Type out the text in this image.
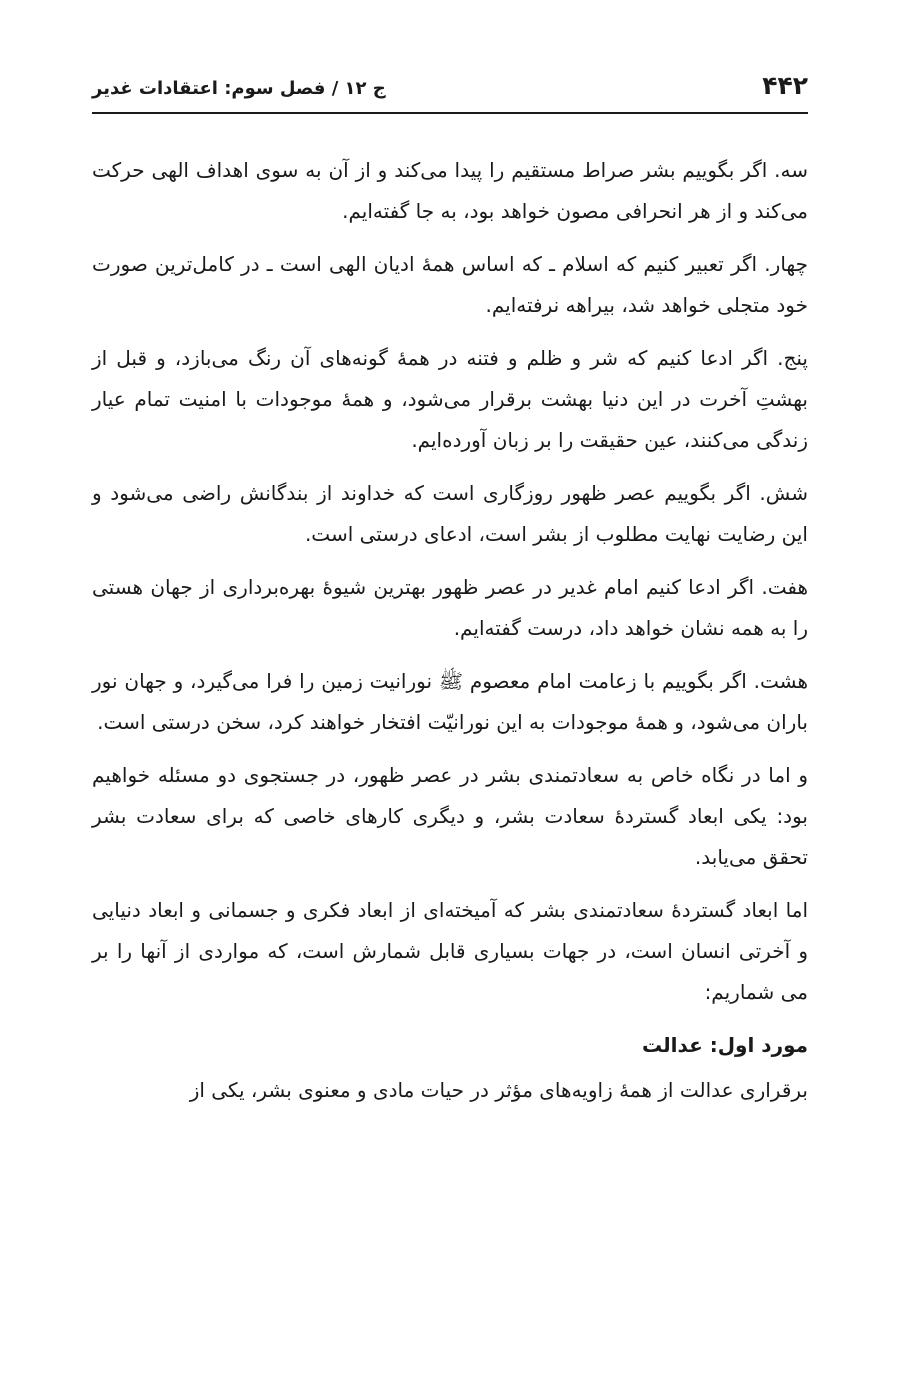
۴۴۲
ج ۱۲ / فصل سوم: اعتقادات غدیر

سه. اگر بگوییم بشر صراط مستقیم را پیدا می‌کند و از آن به سوی اهداف الهی حرکت می‌کند و از هر انحرافی مصون خواهد بود، به جا گفته‌ایم.

چهار. اگر تعبیر کنیم که اسلام ـ که اساس همهٔ ادیان الهی است ـ در کامل‌ترین صورت خود متجلی خواهد شد، بیراهه نرفته‌ایم.

پنج. اگر ادعا کنیم که شر و ظلم و فتنه در همهٔ گونه‌های آن رنگ می‌بازد، و قبل از بهشتِ آخرت در این دنیا بهشت برقرار می‌شود، و همهٔ موجودات با امنیت تمام عیار زندگی می‌کنند، عین حقیقت را بر زبان آورده‌ایم.

شش. اگر بگوییم عصر ظهور روزگاری است که خداوند از بندگانش راضی می‌شود و این رضایت نهایت مطلوب از بشر است، ادعای درستی است.

هفت. اگر ادعا کنیم امام غدیر در عصر ظهور بهترین شیوهٔ بهره‌برداری از جهان هستی را به همه نشان خواهد داد، درست گفته‌ایم.

هشت. اگر بگوییم با زعامت امام معصوم ﷺ نورانیت زمین را فرا می‌گیرد، و جهان نور باران می‌شود، و همهٔ موجودات به این نورانیّت افتخار خواهند کرد، سخن درستی است.

و اما در نگاه خاص به سعادتمندی بشر در عصر ظهور، در جستجوی دو مسئله خواهیم بود: یکی ابعاد گستردهٔ سعادت بشر، و دیگری کارهای خاصی که برای سعادت بشر تحقق می‌یابد.

اما ابعاد گستردهٔ سعادتمندی بشر که آمیخته‌ای از ابعاد فکری و جسمانی و ابعاد دنیایی و آخرتی انسان است، در جهات بسیاری قابل شمارش است، که مواردی از آنها را بر می شماریم:

مورد اول: عدالت

برقراری عدالت از همهٔ زاویه‌های مؤثر در حیات مادی و معنوی بشر، یکی از
